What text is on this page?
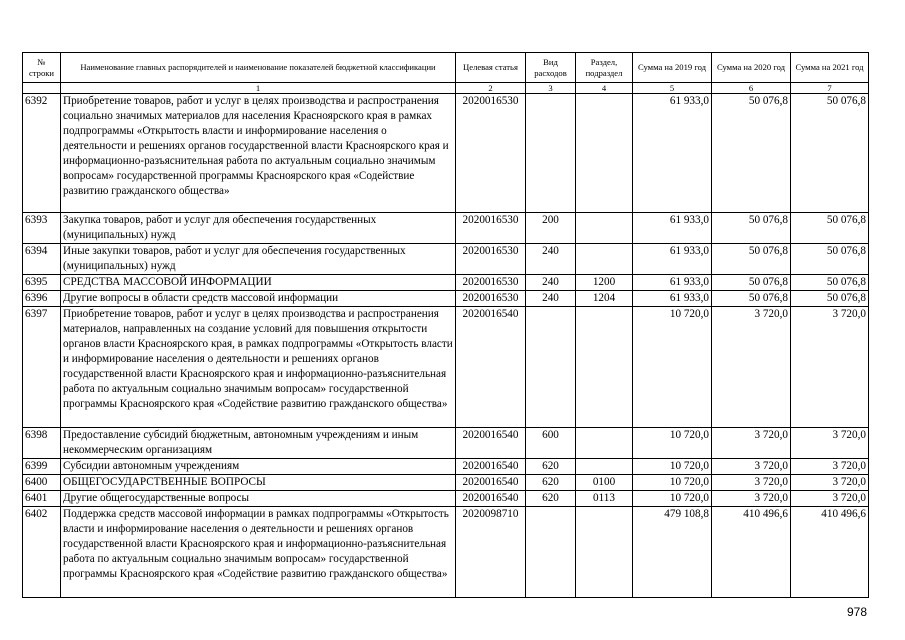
№ строки	Наименование главных распорядителей и наименование показателей бюджетной классификации	Целевая статья	Вид расходов	Раздел, подраздел	Сумма на 2019 год	Сумма на 2020 год	Сумма на 2021 год
	1	2	3	4	5	6	7
6392	Приобретение товаров, работ и услуг в целях производства и распространения социально значимых материалов для населения Красноярского края в рамках подпрограммы «Открытость власти и информирование населения о деятельности и решениях органов государственной власти Красноярского края и информационно-разъяснительная работа по актуальным социально значимым вопросам» государственной программы Красноярского края «Содействие развитию гражданского общества»	2020016530			61 933,0	50 076,8	50 076,8
6393	Закупка товаров, работ и услуг для обеспечения государственных (муниципальных) нужд	2020016530	200		61 933,0	50 076,8	50 076,8
6394	Иные закупки товаров, работ и услуг для обеспечения государственных (муниципальных) нужд	2020016530	240		61 933,0	50 076,8	50 076,8
6395	СРЕДСТВА МАССОВОЙ ИНФОРМАЦИИ	2020016530	240	1200	61 933,0	50 076,8	50 076,8
6396	Другие вопросы в области средств массовой информации	2020016530	240	1204	61 933,0	50 076,8	50 076,8
6397	Приобретение товаров, работ и услуг в целях производства и распространения материалов, направленных на создание условий для повышения открытости органов власти Красноярского края, в рамках подпрограммы «Открытость власти и информирование населения о деятельности и решениях органов государственной власти Красноярского края и информационно-разъяснительная работа по актуальным социально значимым вопросам» государственной программы Красноярского края «Содействие развитию гражданского общества»	2020016540			10 720,0	3 720,0	3 720,0
6398	Предоставление субсидий бюджетным, автономным учреждениям и иным некоммерческим организациям	2020016540	600		10 720,0	3 720,0	3 720,0
6399	Субсидии автономным учреждениям	2020016540	620		10 720,0	3 720,0	3 720,0
6400	ОБЩЕГОСУДАРСТВЕННЫЕ ВОПРОСЫ	2020016540	620	0100	10 720,0	3 720,0	3 720,0
6401	Другие общегосударственные вопросы	2020016540	620	0113	10 720,0	3 720,0	3 720,0
6402	Поддержка средств массовой информации в рамках подпрограммы «Открытость власти и информирование населения о деятельности и решениях органов государственной власти Красноярского края и информационно-разъяснительная работа по актуальным социально значимым вопросам» государственной программы Красноярского края «Содействие развитию гражданского общества»	2020098710			479 108,8	410 496,6	410 496,6
978
